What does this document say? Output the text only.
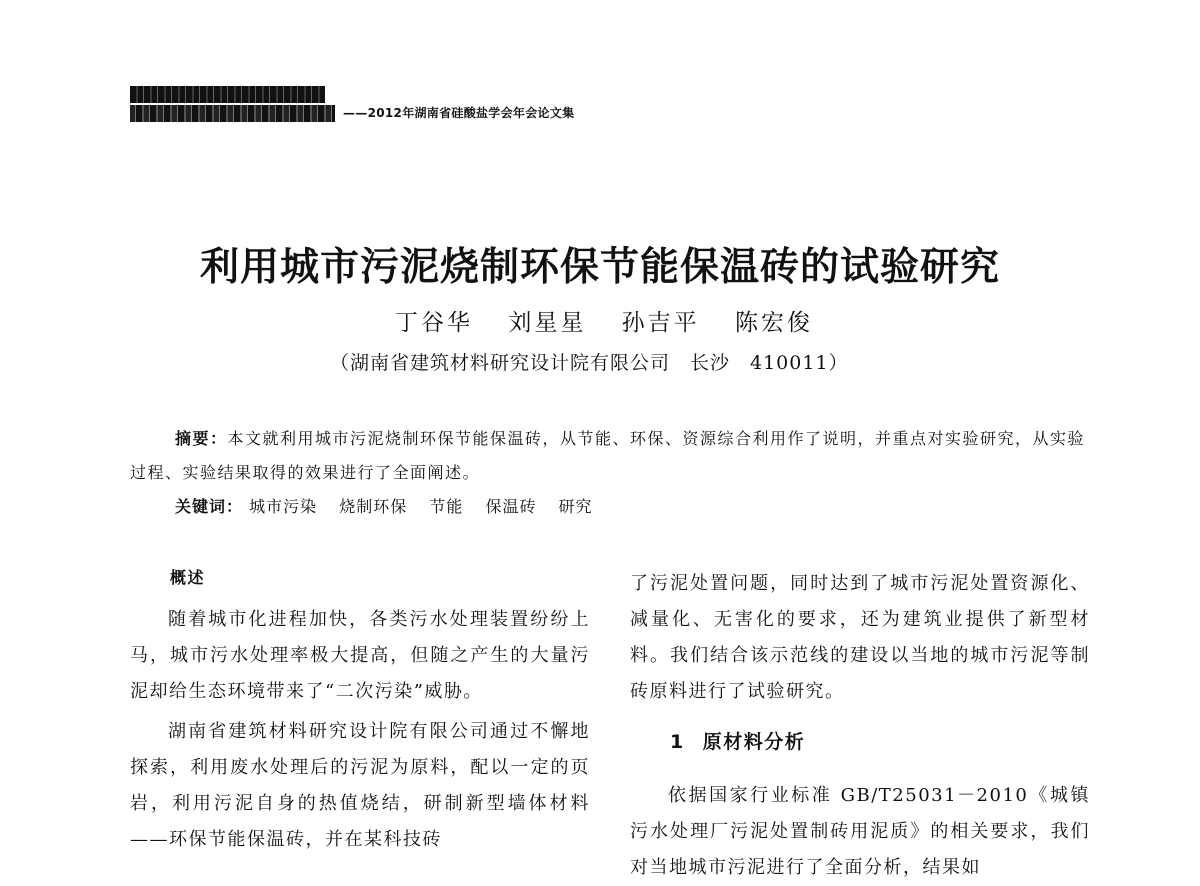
——2012年湖南省硅酸盐学会年会论文集
利用城市污泥烧制环保节能保温砖的试验研究
丁谷华 刘星星 孙吉平 陈宏俊
（湖南省建筑材料研究设计院有限公司　长沙　410011）
摘要：本文就利用城市污泥烧制环保节能保温砖，从节能、环保、资源综合利用作了说明，并重点对实验研究，从实验过程、实验结果取得的效果进行了全面阐述。
关键词： 城市污染 烧制环保 节能 保温砖 研究
概述

随着城市化进程加快，各类污水处理装置纷纷上马，城市污水处理率极大提高，但随之产生的大量污泥却给生态环境带来了“二次污染”威胁。

湖南省建筑材料研究设计院有限公司通过不懈地探索，利用废水处理后的污泥为原料，配以一定的页岩，利用污泥自身的热值烧结，研制新型墙体材料——环保节能保温砖，并在某科技砖

了污泥处置问题，同时达到了城市污泥处置资源化、减量化、无害化的要求，还为建筑业提供了新型材料。我们结合该示范线的建设以当地的城市污泥等制砖原料进行了试验研究。

1 原材料分析

依据国家行业标准 GB/T25031－2010《城镇污水处理厂污泥处置制砖用泥质》的相关要求，我们对当地城市污泥进行了全面分析，结果如
